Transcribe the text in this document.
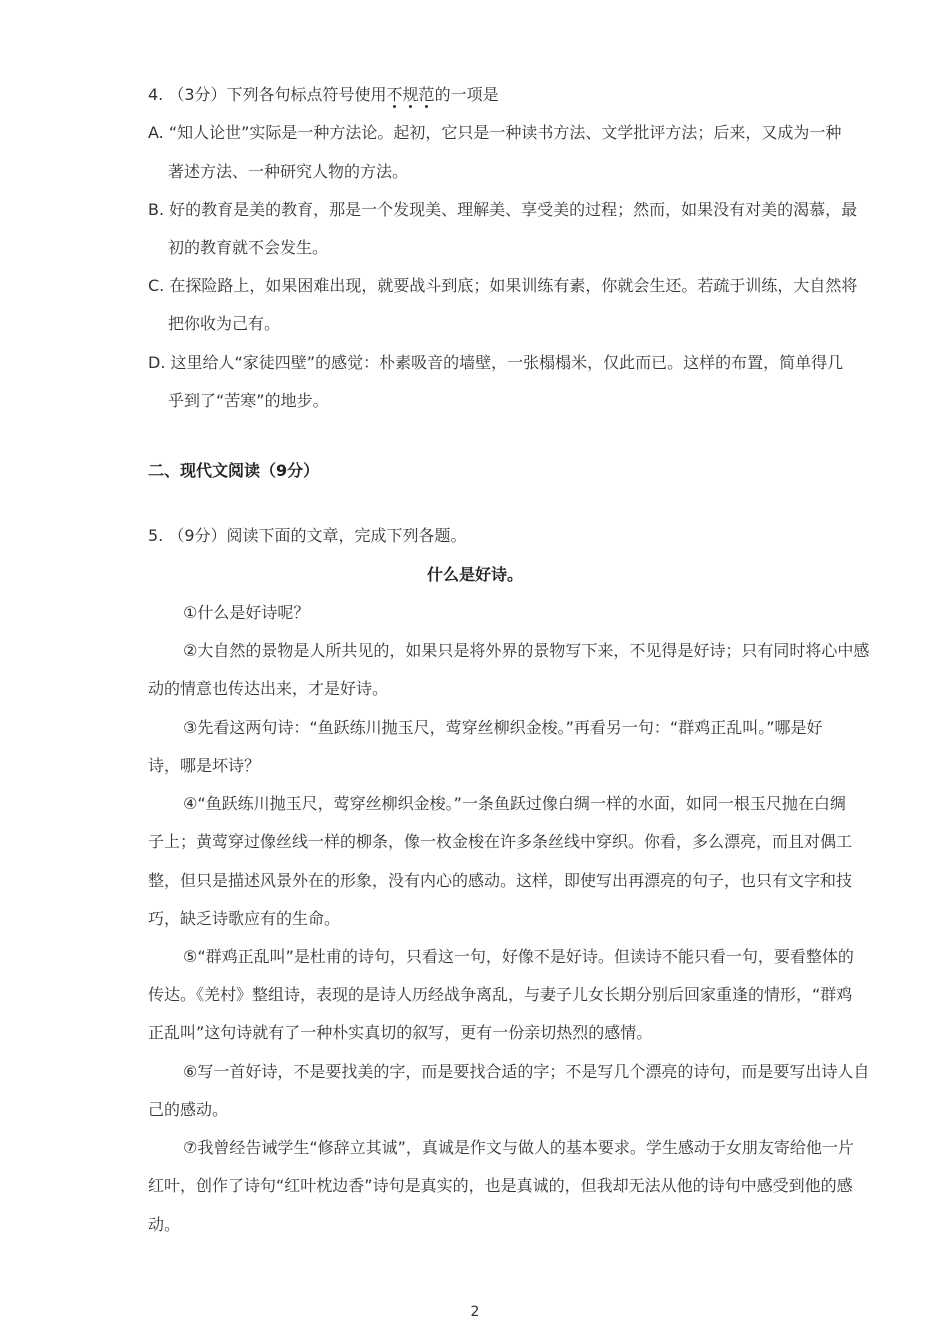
4. （3分）下列各句标点符号使用不规范的一项是
A. “知人论世”实际是一种方法论。起初，它只是一种读书方法、文学批评方法；后来，又成为一种
著述方法、一种研究人物的方法。
B. 好的教育是美的教育，那是一个发现美、理解美、享受美的过程；然而，如果没有对美的渴慕，最
初的教育就不会发生。
C. 在探险路上，如果困难出现，就要战斗到底；如果训练有素，你就会生还。若疏于训练，大自然将
把你收为己有。
D. 这里给人“家徒四壁”的感觉：朴素吸音的墙壁，一张榻榻米，仅此而已。这样的布置，简单得几
乎到了“苦寒”的地步。
二、现代文阅读（9分）
5. （9分）阅读下面的文章，完成下列各题。
什么是好诗。
①什么是好诗呢？
②大自然的景物是人所共见的，如果只是将外界的景物写下来，不见得是好诗；只有同时将心中感
动的情意也传达出来，才是好诗。
③先看这两句诗：“鱼跃练川抛玉尺，莺穿丝柳织金梭。”再看另一句：“群鸡正乱叫。”哪是好
诗，哪是坏诗？
④“鱼跃练川抛玉尺，莺穿丝柳织金梭。”一条鱼跃过像白绸一样的水面，如同一根玉尺抛在白绸
子上；黄莺穿过像丝线一样的柳条，像一枚金梭在许多条丝线中穿织。你看，多么漂亮，而且对偶工
整，但只是描述风景外在的形象，没有内心的感动。这样，即使写出再漂亮的句子，也只有文字和技
巧，缺乏诗歌应有的生命。
⑤“群鸡正乱叫”是杜甫的诗句，只看这一句，好像不是好诗。但读诗不能只看一句，要看整体的
传达。《羌村》整组诗，表现的是诗人历经战争离乱，与妻子儿女长期分别后回家重逢的情形，“群鸡
正乱叫”这句诗就有了一种朴实真切的叙写，更有一份亲切热烈的感情。
⑥写一首好诗，不是要找美的字，而是要找合适的字；不是写几个漂亮的诗句，而是要写出诗人自
己的感动。
⑦我曾经告诫学生“修辞立其诚”，真诚是作文与做人的基本要求。学生感动于女朋友寄给他一片
红叶，创作了诗句“红叶枕边香”诗句是真实的，也是真诚的，但我却无法从他的诗句中感受到他的感
动。
2
